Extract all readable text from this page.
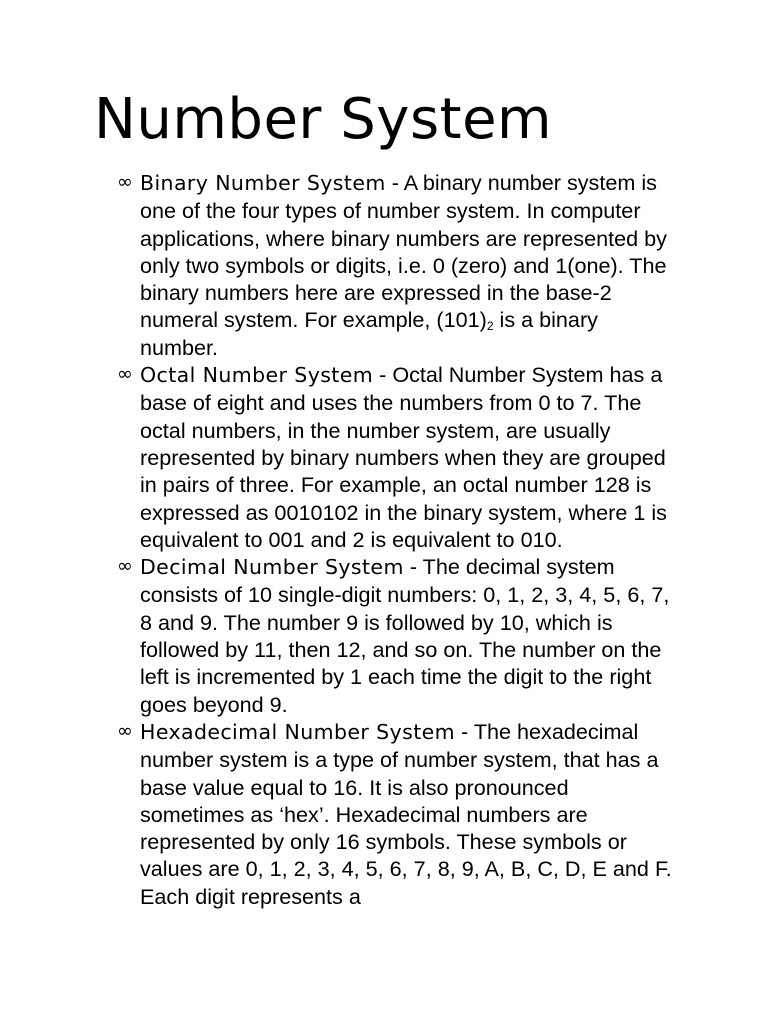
Number System
∞ Binary Number System - A binary number system is one of the four types of number system. In computer applications, where binary numbers are represented by only two symbols or digits, i.e. 0 (zero) and 1(one). The binary numbers here are expressed in the base-2 numeral system. For example, $(101)_2$ is a binary number.
∞ Octal Number System - Octal Number System has a base of eight and uses the numbers from 0 to 7. The octal numbers, in the number system, are usually represented by binary numbers when they are grouped in pairs of three. For example, an octal number 128 is expressed as 0010102 in the binary system, where 1 is equivalent to 001 and 2 is equivalent to 010.
∞ Decimal Number System - The decimal system consists of 10 single-digit numbers: 0, 1, 2, 3, 4, 5, 6, 7, 8 and 9. The number 9 is followed by 10, which is followed by 11, then 12, and so on. The number on the left is incremented by 1 each time the digit to the right goes beyond 9.
∞ Hexadecimal Number System - The hexadecimal number system is a type of number system, that has a base value equal to 16. It is also pronounced sometimes as ‘hex’. Hexadecimal numbers are represented by only 16 symbols. These symbols or values are 0, 1, 2, 3, 4, 5, 6, 7, 8, 9, A, B, C, D, E and F. Each digit represents a
